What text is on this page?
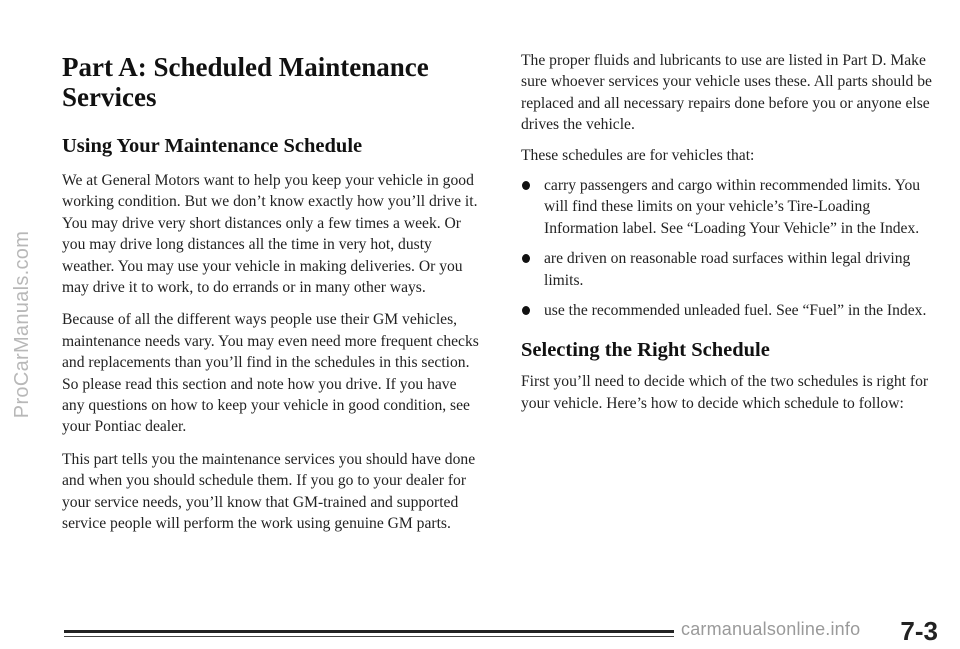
ProCarManuals.com
Part A: Scheduled Maintenance Services
Using Your Maintenance Schedule

We at General Motors want to help you keep your vehicle in good working condition. But we don’t know exactly how you’ll drive it. You may drive very short distances only a few times a week. Or you may drive long distances all the time in very hot, dusty weather. You may use your vehicle in making deliveries. Or you may drive it to work, to do errands or in many other ways.

Because of all the different ways people use their GM vehicles, maintenance needs vary. You may even need more frequent checks and replacements than you’ll find in the schedules in this section. So please read this section and note how you drive. If you have any questions on how to keep your vehicle in good condition, see your Pontiac dealer.

This part tells you the maintenance services you should have done and when you should schedule them. If you go to your dealer for your service needs, you’ll know that GM-trained and supported service people will perform the work using genuine GM parts.

The proper fluids and lubricants to use are listed in Part D. Make sure whoever services your vehicle uses these. All parts should be replaced and all necessary repairs done before you or anyone else drives the vehicle.

These schedules are for vehicles that:

carry passengers and cargo within recommended limits. You will find these limits on your vehicle’s Tire-Loading Information label. See “Loading Your Vehicle” in the Index.
are driven on reasonable road surfaces within legal driving limits.
use the recommended unleaded fuel. See “Fuel” in the Index.
Selecting the Right Schedule

First you’ll need to decide which of the two schedules is right for your vehicle. Here’s how to decide which schedule to follow:

carmanualsonline.info 7-3
